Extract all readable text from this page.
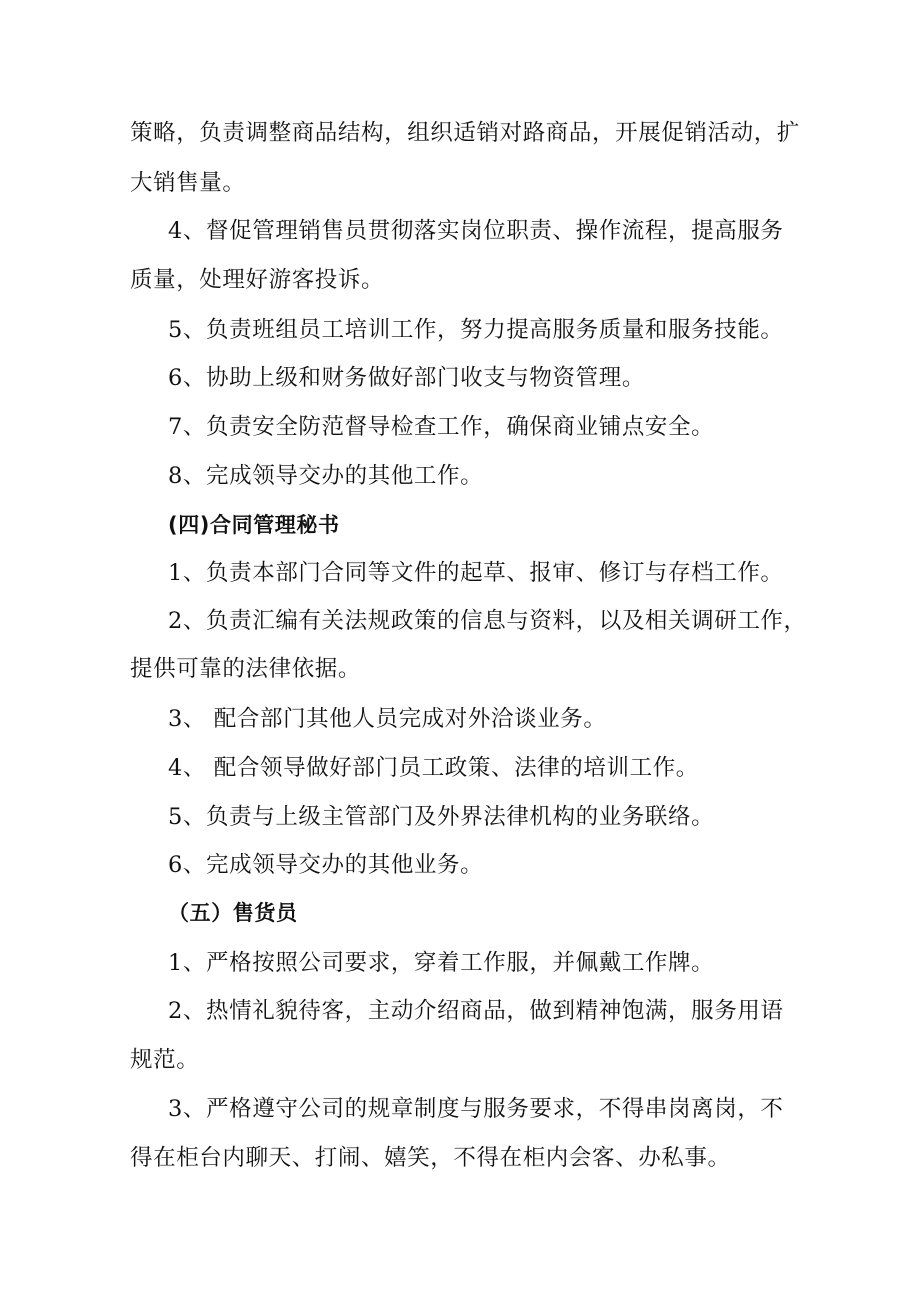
策略，负责调整商品结构，组织适销对路商品，开展促销活动，扩
大销售量。
4、督促管理销售员贯彻落实岗位职责、操作流程，提高服务
质量，处理好游客投诉。
5、负责班组员工培训工作，努力提高服务质量和服务技能。
6、协助上级和财务做好部门收支与物资管理。
7、负责安全防范督导检查工作，确保商业铺点安全。
8、完成领导交办的其他工作。
(四)合同管理秘书
1、负责本部门合同等文件的起草、报审、修订与存档工作。
2、负责汇编有关法规政策的信息与资料，以及相关调研工作，
提供可靠的法律依据。
3、 配合部门其他人员完成对外洽谈业务。
4、 配合领导做好部门员工政策、法律的培训工作。
5、负责与上级主管部门及外界法律机构的业务联络。
6、完成领导交办的其他业务。
（五）售货员
1、严格按照公司要求，穿着工作服，并佩戴工作牌。
2、热情礼貌待客，主动介绍商品，做到精神饱满，服务用语
规范。
3、严格遵守公司的规章制度与服务要求，不得串岗离岗，不
得在柜台内聊天、打闹、嬉笑，不得在柜内会客、办私事。
